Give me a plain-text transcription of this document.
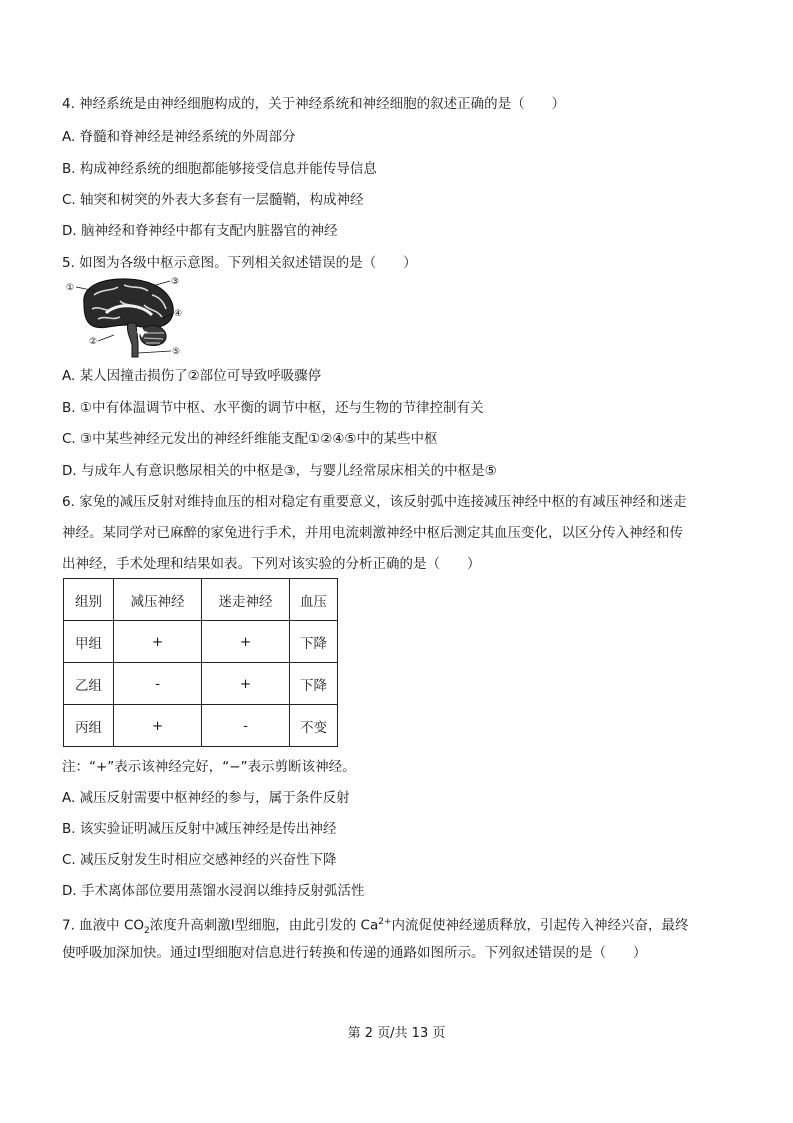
4. 神经系统是由神经细胞构成的，关于神经系统和神经细胞的叙述正确的是（　　）
A. 脊髓和脊神经是神经系统的外周部分
B. 构成神经系统的细胞都能够接受信息并能传导信息
C. 轴突和树突的外表大多套有一层髓鞘，构成神经
D. 脑神经和脊神经中都有支配内脏器官的神经
5. 如图为各级中枢示意图。下列相关叙述错误的是（　　）
①
②
③
④
⑤
A. 某人因撞击损伤了②部位可导致呼吸骤停
B. ①中有体温调节中枢、水平衡的调节中枢，还与生物的节律控制有关
C. ③中某些神经元发出的神经纤维能支配①②④⑤中的某些中枢
D. 与成年人有意识憋尿相关的中枢是③，与婴儿经常尿床相关的中枢是⑤
6. 家兔的减压反射对维持血压的相对稳定有重要意义，该反射弧中连接减压神经中枢的有减压神经和迷走
神经。某同学对已麻醉的家兔进行手术，并用电流刺激神经中枢后测定其血压变化，以区分传入神经和传
出神经，手术处理和结果如表。下列对该实验的分析正确的是（　　）
组别	减压神经	迷走神经	血压
甲组	+	+	下降
乙组	-	+	下降
丙组	+	-	不变
注：“+”表示该神经完好，“−”表示剪断该神经。
A. 减压反射需要中枢神经的参与，属于条件反射
B. 该实验证明减压反射中减压神经是传出神经
C. 减压反射发生时相应交感神经的兴奋性下降
D. 手术离体部位要用蒸馏水浸润以维持反射弧活性
7. 血液中 $CO_2$浓度升高刺激Ⅰ型细胞，由此引发的 $Ca^{2+}$内流促使神经递质释放，引起传入神经兴奋，最终
使呼吸加深加快。通过Ⅰ型细胞对信息进行转换和传递的通路如图所示。下列叙述错误的是（　　）
第 2 页/共 13 页
